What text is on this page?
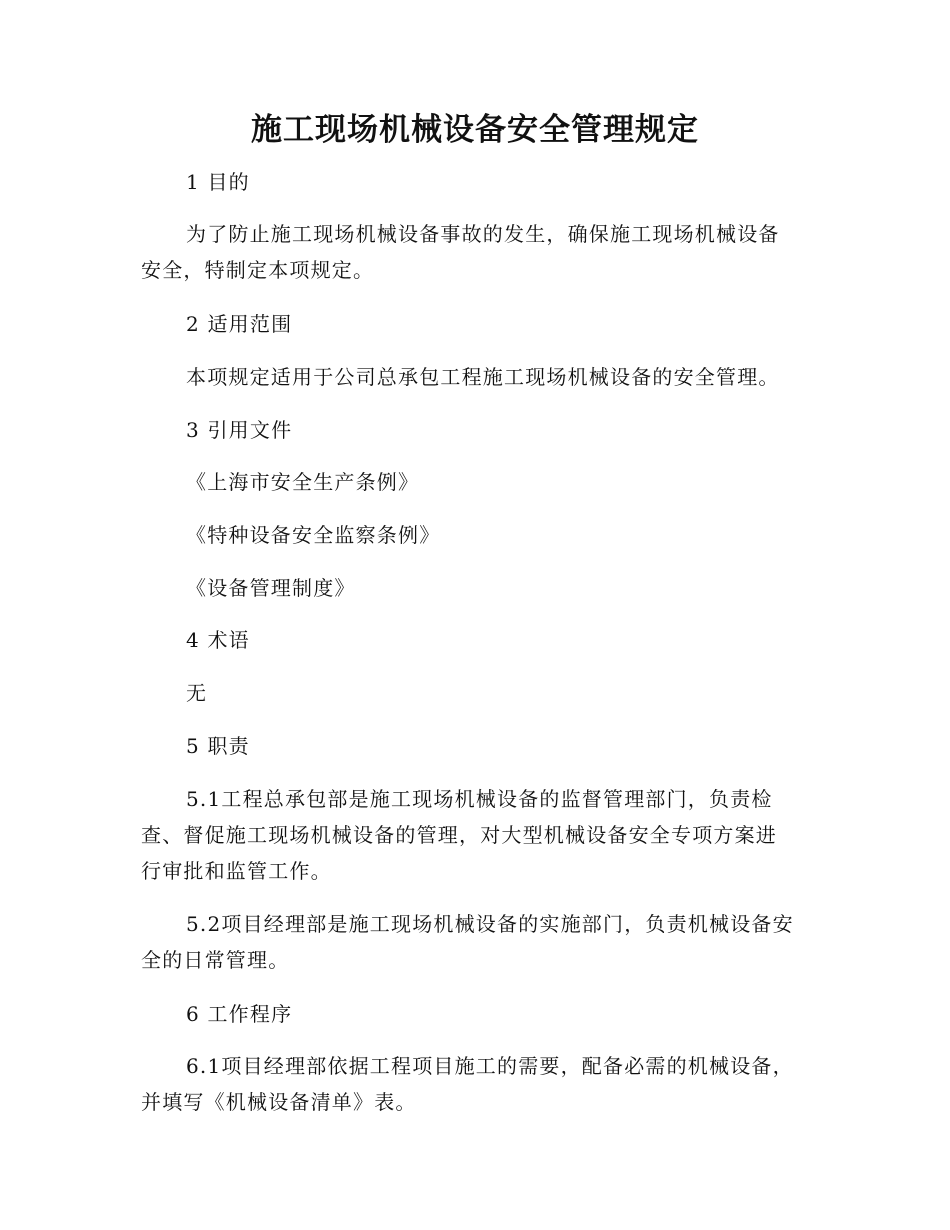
施工现场机械设备安全管理规定
1 目的
为了防止施工现场机械设备事故的发生，确保施工现场机械设备
安全，特制定本项规定。
2 适用范围
本项规定适用于公司总承包工程施工现场机械设备的安全管理。
3 引用文件
《上海市安全生产条例》
《特种设备安全监察条例》
《设备管理制度》
4 术语
无
5 职责
5.1工程总承包部是施工现场机械设备的监督管理部门，负责检
查、督促施工现场机械设备的管理，对大型机械设备安全专项方案进
行审批和监管工作。
5.2项目经理部是施工现场机械设备的实施部门，负责机械设备安
全的日常管理。
6 工作程序
6.1项目经理部依据工程项目施工的需要，配备必需的机械设备，
并填写《机械设备清单》表。
